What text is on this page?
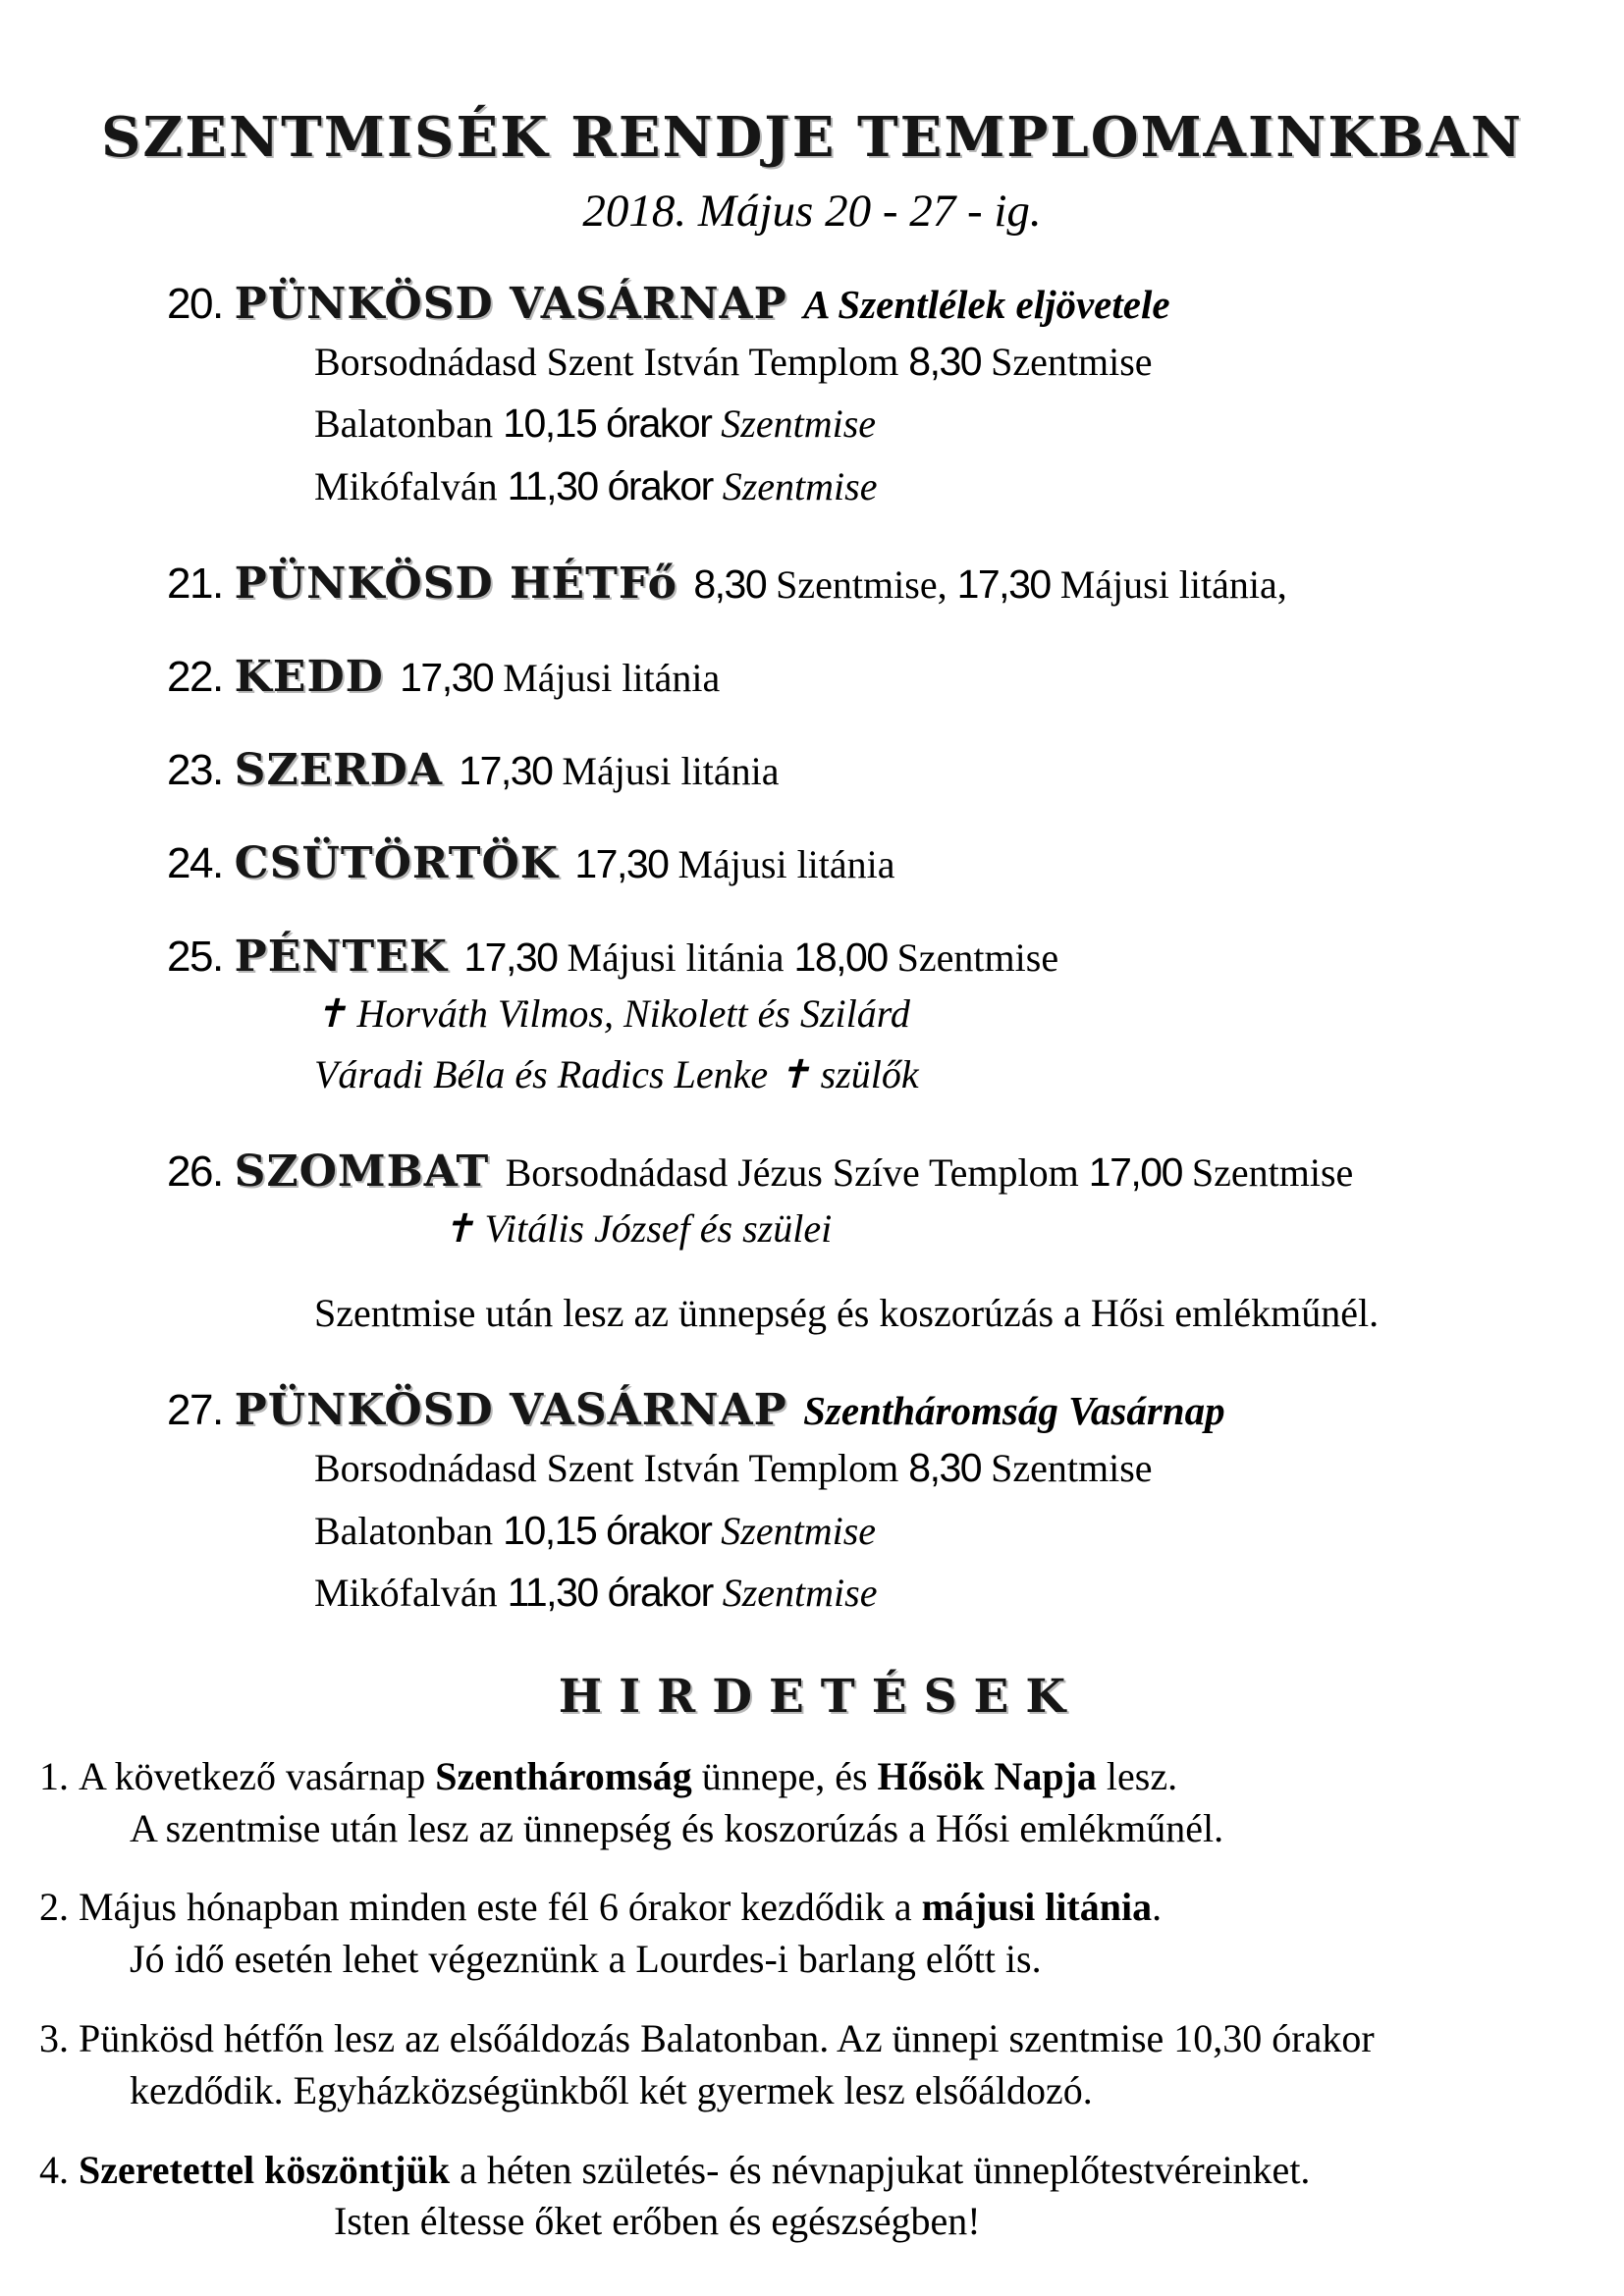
SZENTMISÉK RENDJE TEMPLOMAINKBAN
2018. Május 20 - 27 - ig.
20. PÜNKÖSD VASÁRNAP A Szentlélek eljövetele
Borsodnádasd Szent István Templom 8,30 Szentmise
Balatonban 10,15 órakor Szentmise
Mikófalván 11,30 órakor Szentmise
21. PÜNKÖSD HÉTFő 8,30 Szentmise, 17,30 Májusi litánia,
22. KEDD 17,30 Májusi litánia
23. SZERDA 17,30 Májusi litánia
24. CSÜTÖRTÖK 17,30 Májusi litánia
25. PÉNTEK 17,30 Májusi litánia 18,00 Szentmise
✝ Horváth Vilmos, Nikolett és Szilárd
Váradi Béla és Radics Lenke ✝ szülők
26. SZOMBAT Borsodnádasd Jézus Szíve Templom 17,00 Szentmise
✝ Vitális József és szülei
Szentmise után lesz az ünnepség és koszorúzás a Hősi emlékműnél.
27. PÜNKÖSD VASÁRNAP Szentháromság Vasárnap
Borsodnádasd Szent István Templom 8,30 Szentmise
Balatonban 10,15 órakor Szentmise
Mikófalván 11,30 órakor Szentmise
HIRDETÉSEK
1. A következő vasárnap Szentháromság ünnepe, és Hősök Napja lesz.
A szentmise után lesz az ünnepség és koszorúzás a Hősi emlékműnél.
2. Május hónapban minden este fél 6 órakor kezdődik a májusi litánia.
Jó idő esetén lehet végeznünk a Lourdes-i barlang előtt is.
3. Pünkösd hétfőn lesz az elsőáldozás Balatonban. Az ünnepi szentmise 10,30 órakor
kezdődik. Egyházközségünkből két gyermek lesz elsőáldozó.
4. Szeretettel köszöntjük a héten születés- és névnapjukat ünneplőtestvéreinket.
Isten éltesse őket erőben és egészségben!
